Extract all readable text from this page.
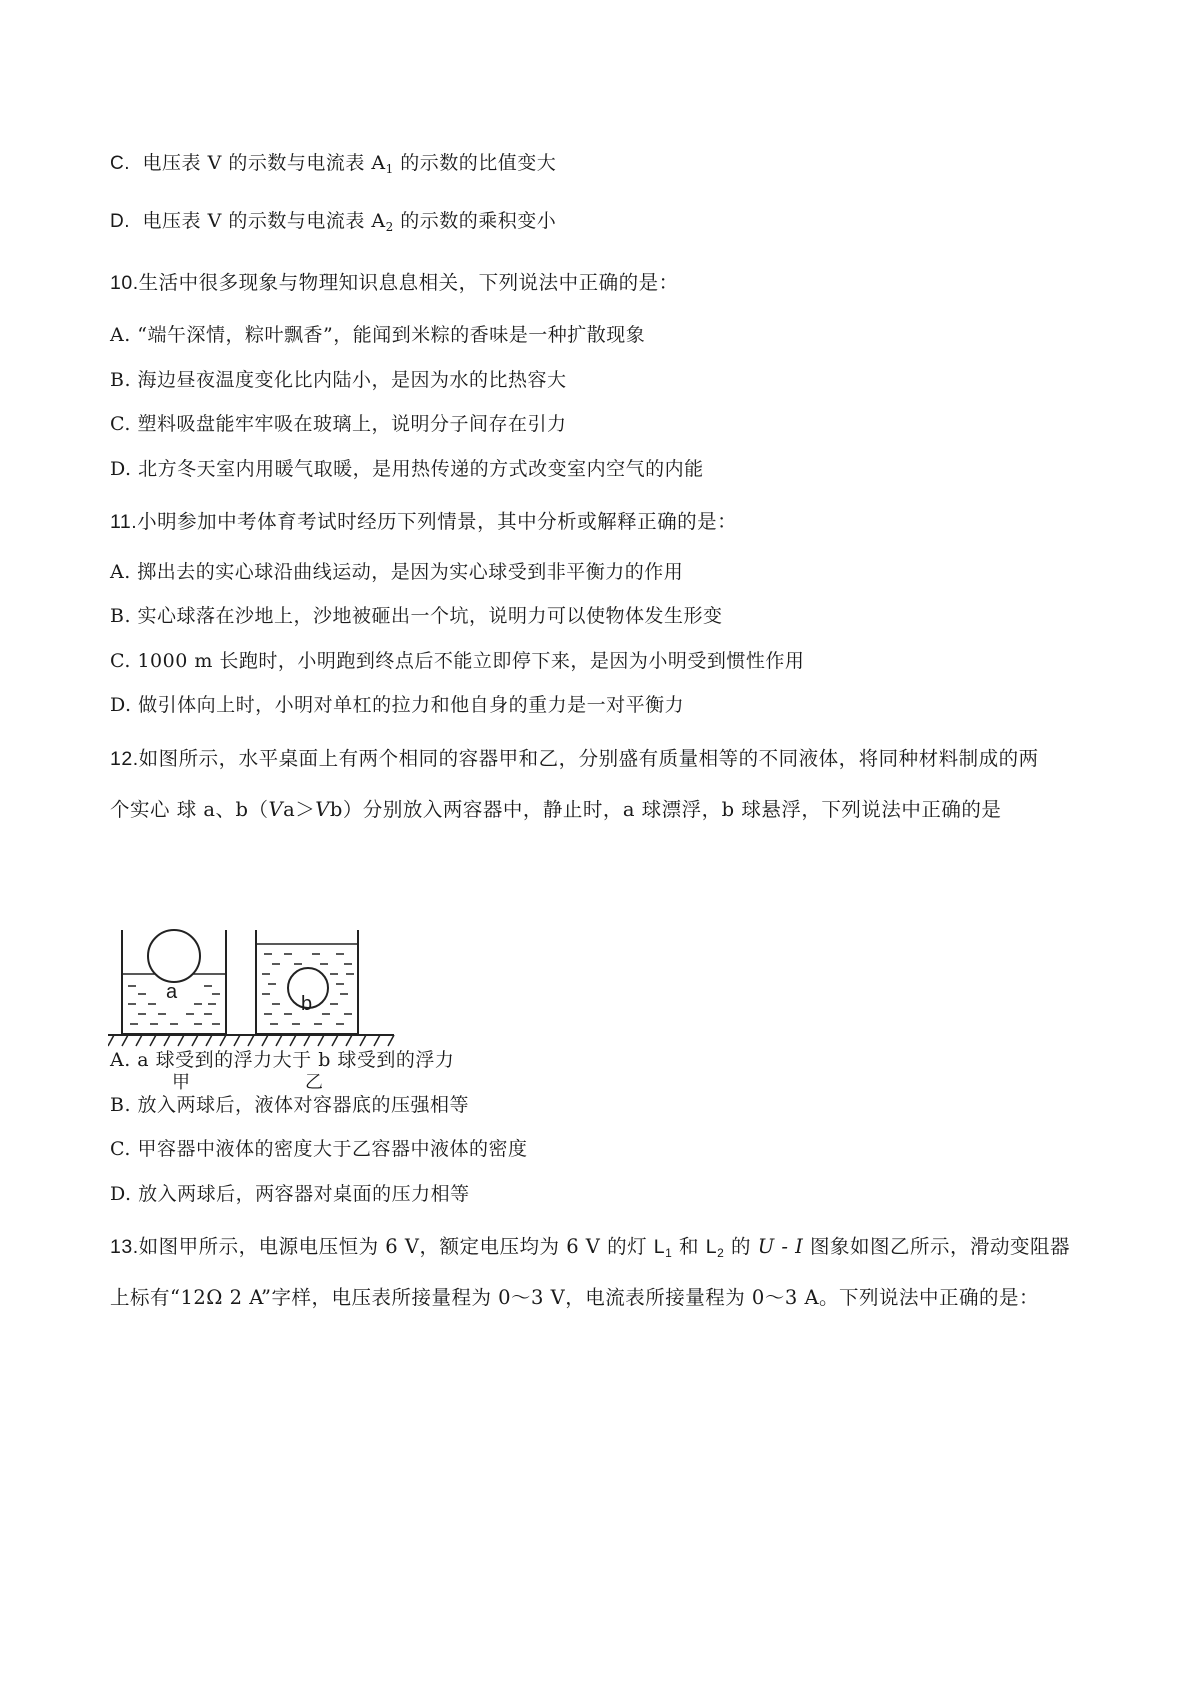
C. 电压表 V 的示数与电流表 $A_1$ 的示数的比值变大
D. 电压表 V 的示数与电流表 $A_2$ 的示数的乘积变小
10.生活中很多现象与物理知识息息相关，下列说法中正确的是：
A. “端午深情，粽叶飘香”，能闻到米粽的香味是一种扩散现象
B. 海边昼夜温度变化比内陆小，是因为水的比热容大
C. 塑料吸盘能牢牢吸在玻璃上，说明分子间存在引力
D. 北方冬天室内用暖气取暖，是用热传递的方式改变室内空气的内能
11.小明参加中考体育考试时经历下列情景，其中分析或解释正确的是：
A. 掷出去的实心球沿曲线运动，是因为实心球受到非平衡力的作用
B. 实心球落在沙地上，沙地被砸出一个坑，说明力可以使物体发生形变
C. 1000 m 长跑时，小明跑到终点后不能立即停下来，是因为小明受到惯性作用
D. 做引体向上时，小明对单杠的拉力和他自身的重力是一对平衡力
12.如图所示，水平桌面上有两个相同的容器甲和乙，分别盛有质量相等的不同液体，将同种材料制成的两
个实心 球 a、b（Va＞Vb）分别放入两容器中，静止时，a 球漂浮，b 球悬浮，下列说法中正确的是
a
b
甲	乙
A. a 球受到的浮力大于 b 球受到的浮力
B. 放入两球后，液体对容器底的压强相等
C. 甲容器中液体的密度大于乙容器中液体的密度
D. 放入两球后，两容器对桌面的压力相等
13.如图甲所示，电源电压恒为 6 V，额定电压均为 6 V 的灯 $L_1$ 和 $L_2$ 的 U - I 图象如图乙所示，滑动变阻器
上标有“12Ω 2 A”字样，电压表所接量程为 0～3 V，电流表所接量程为 0～3 A。下列说法中正确的是：
